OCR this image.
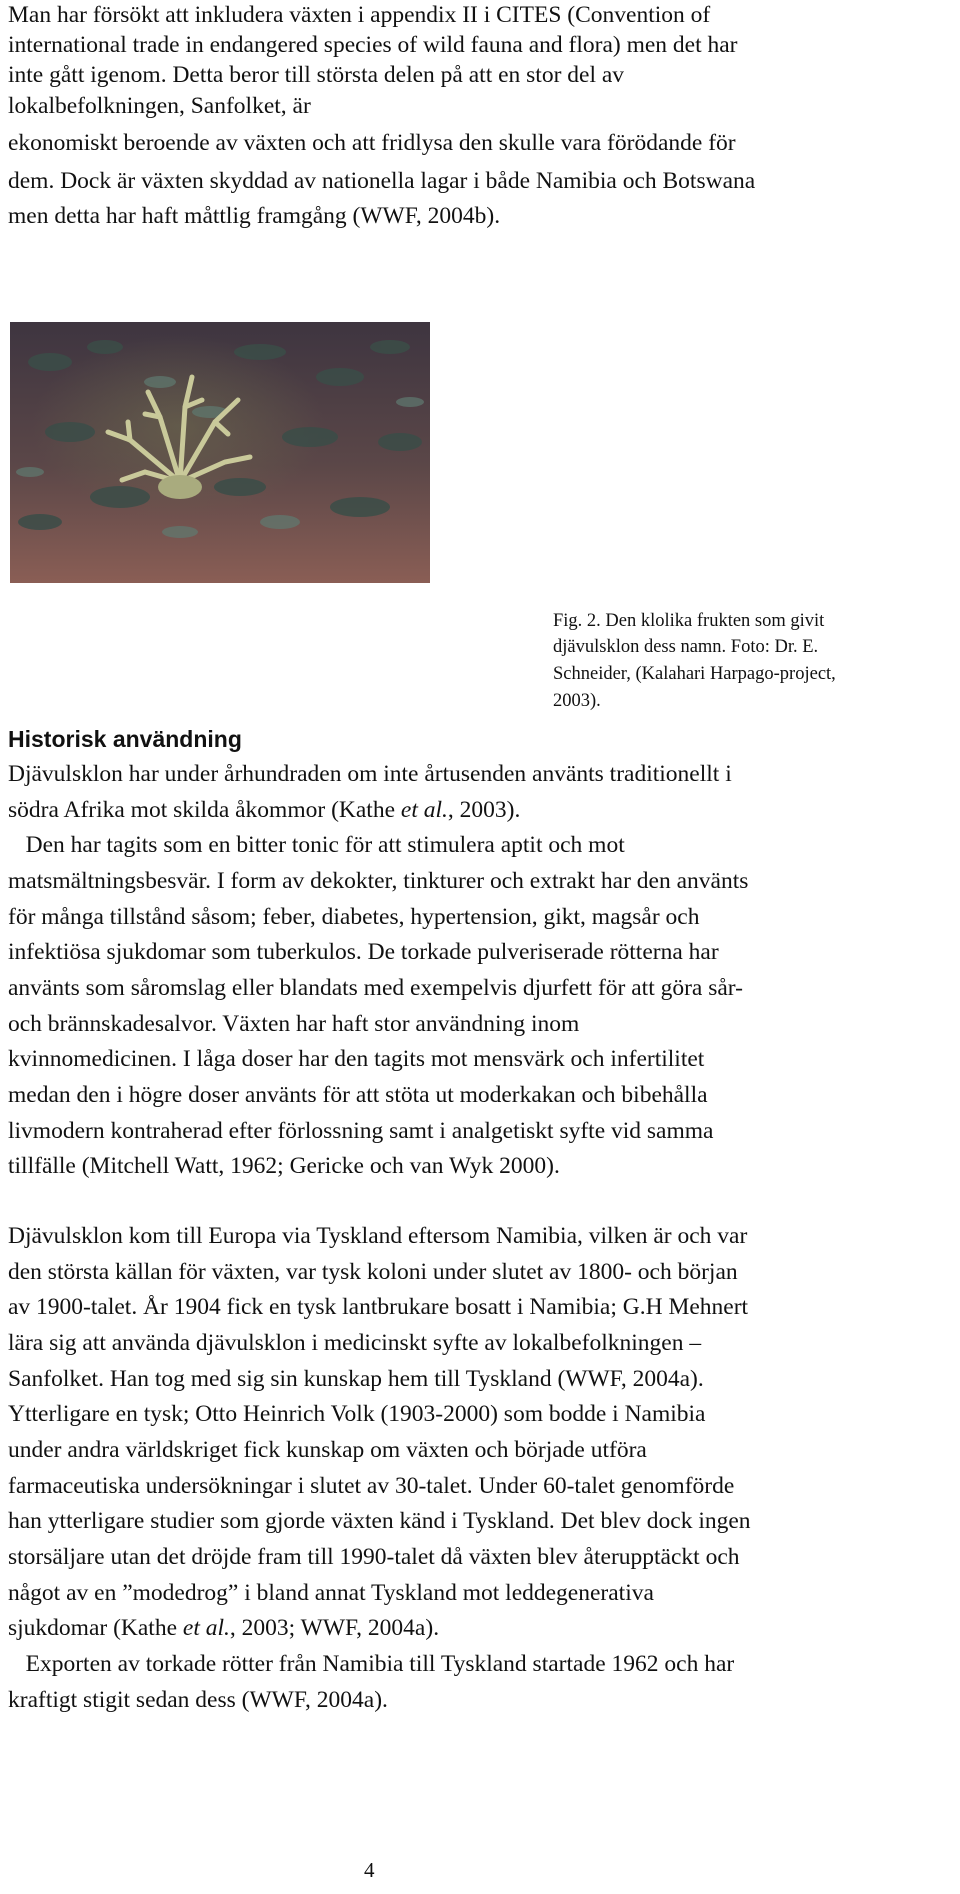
Man har försökt att inkludera växten i appendix II i CITES (Convention of
international trade in endangered species of wild fauna and flora) men det har
inte gått igenom. Detta beror till största delen på att en stor del av
lokalbefolkningen, Sanfolket, är
ekonomiskt beroende av växten och att fridlysa den skulle vara förödande för
dem. Dock är växten skyddad av nationella lagar i både Namibia och Botswana
men detta har haft måttlig framgång (WWF, 2004b).
Fig. 2. Den klolika frukten som givit
djävulsklon dess namn. Foto: Dr. E.
Schneider, (Kalahari Harpago-project,
2003).
Historisk användning
Djävulsklon har under århundraden om inte årtusenden använts traditionellt i
södra Afrika mot skilda åkommor (Kathe et al., 2003).
Den har tagits som en bitter tonic för att stimulera aptit och mot
matsmältningsbesvär. I form av dekokter, tinkturer och extrakt har den använts
för många tillstånd såsom; feber, diabetes, hypertension, gikt, magsår och
infektiösa sjukdomar som tuberkulos. De torkade pulveriserade rötterna har
använts som såromslag eller blandats med exempelvis djurfett för att göra sår-
och brännskadesalvor. Växten har haft stor användning inom
kvinnomedicinen. I låga doser har den tagits mot mensvärk och infertilitet
medan den i högre doser använts för att stöta ut moderkakan och bibehålla
livmodern kontraherad efter förlossning samt i analgetiskt syfte vid samma
tillfälle (Mitchell Watt, 1962; Gericke och van Wyk 2000).
Djävulsklon kom till Europa via Tyskland eftersom Namibia, vilken är och var
den största källan för växten, var tysk koloni under slutet av 1800- och början
av 1900-talet. År 1904 fick en tysk lantbrukare bosatt i Namibia; G.H Mehnert
lära sig att använda djävulsklon i medicinskt syfte av lokalbefolkningen –
Sanfolket. Han tog med sig sin kunskap hem till Tyskland (WWF, 2004a).
Ytterligare en tysk; Otto Heinrich Volk (1903-2000) som bodde i Namibia
under andra världskriget fick kunskap om växten och började utföra
farmaceutiska undersökningar i slutet av 30-talet. Under 60-talet genomförde
han ytterligare studier som gjorde växten känd i Tyskland. Det blev dock ingen
storsäljare utan det dröjde fram till 1990-talet då växten blev återupptäckt och
något av en ”modedrog” i bland annat Tyskland mot leddegenerativa
sjukdomar (Kathe et al., 2003; WWF, 2004a).
Exporten av torkade rötter från Namibia till Tyskland startade 1962 och har
kraftigt stigit sedan dess (WWF, 2004a).
4
